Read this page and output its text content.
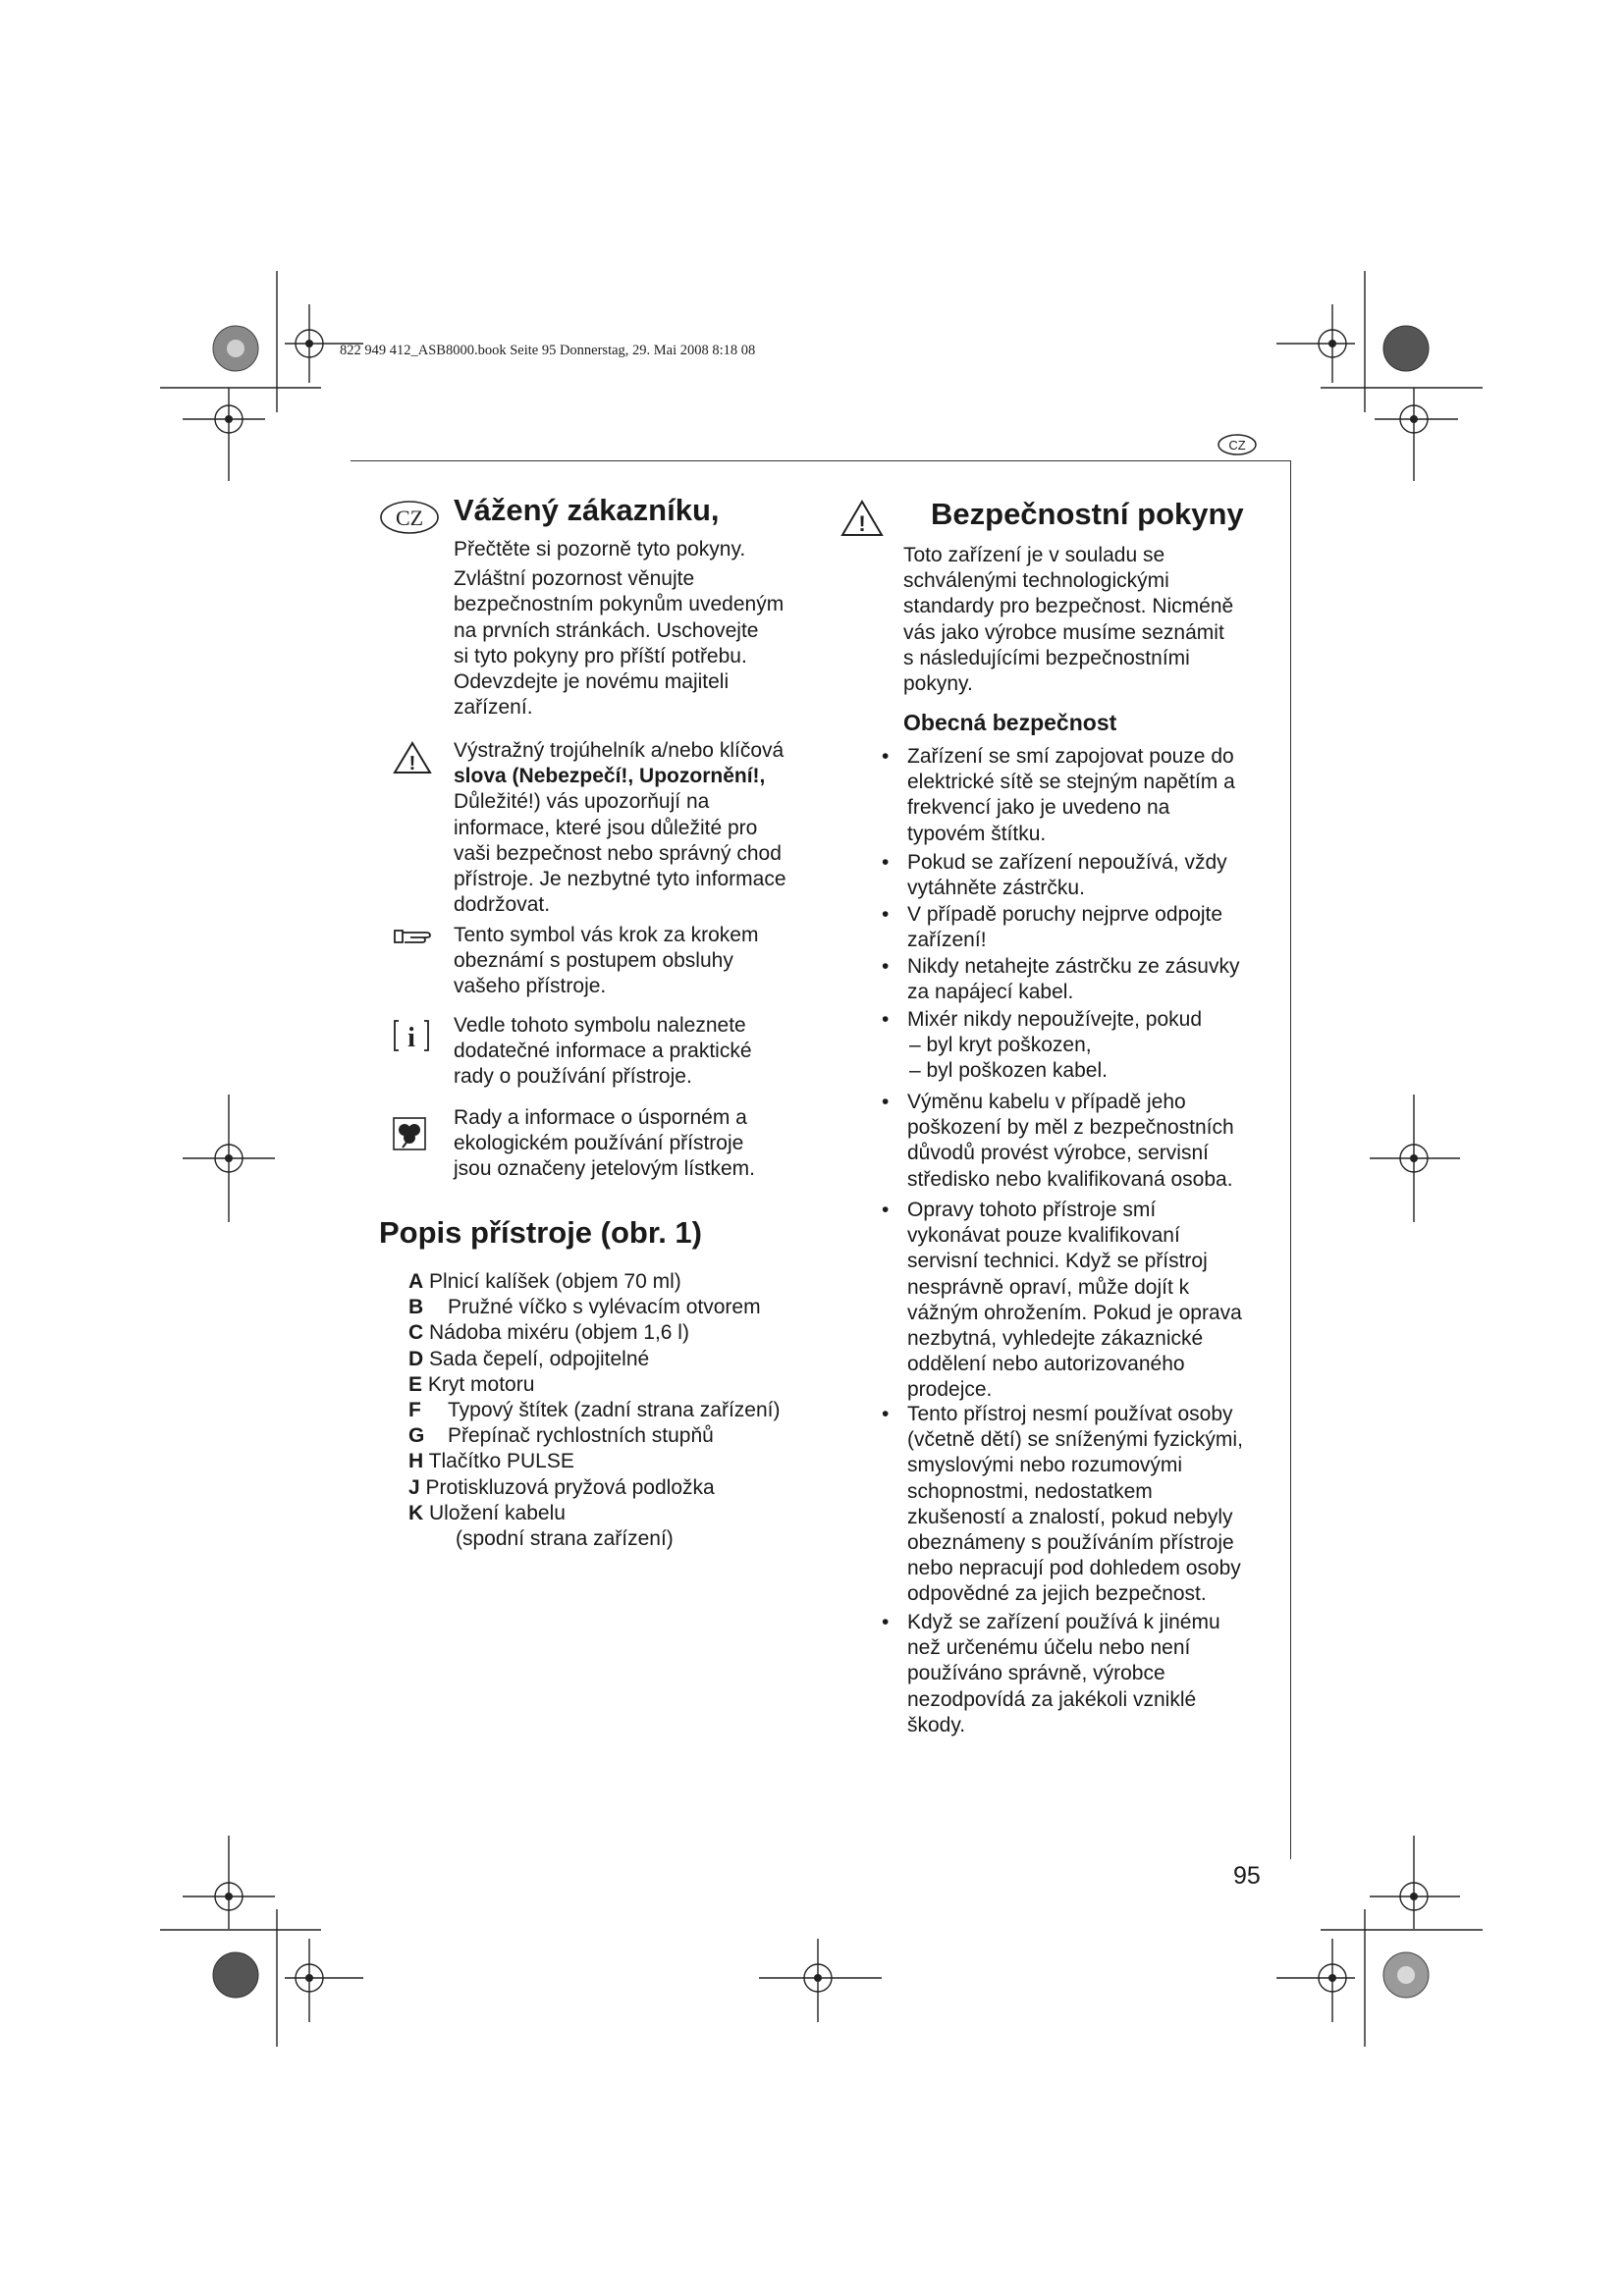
822 949 412_ASB8000.book Seite 95 Donnerstag, 29. Mai 2008 8:18 08
CZ
CZ Vážený zákazníku,

Přečtěte si pozorně tyto pokyny.

Zvláštní pozornost věnujte

bezpečnostním pokynům uvedeným

na prvních stránkách. Uschovejte

si tyto pokyny pro příští potřebu.

Odevzdejte je novému majiteli

zařízení.

!
Výstražný trojúhelník a/nebo klíčová
slova (Nebezpečí!, Upozornění!,
Důležité!) vás upozorňují na
informace, které jsou důležité pro
vaši bezpečnost nebo správný chod
přístroje. Je nezbytné tyto informace
dodržovat.
Tento symbol vás krok za krokem
obeznámí s postupem obsluhy
vašeho přístroje.
i Vedle tohoto symbolu naleznete
dodatečné informace a praktické
rady o používání přístroje.
Rady a informace o úsporném a
ekologickém používání přístroje
jsou označeny jetelovým lístkem.
Popis přístroje (obr. 1)
A Plnicí kalíšek (objem 70 ml)
B Pružné víčko s vylévacím otvorem
C Nádoba mixéru (objem 1,6 l)
D Sada čepelí, odpojitelné
E Kryt motoru
F Typový štítek (zadní strana zařízení)
G Přepínač rychlostních stupňů
H Tlačítko PULSE
J Protiskluzová pryžová podložka
K Uložení kabelu
(spodní strana zařízení)
! Bezpečnostní pokyny

Toto zařízení je v souladu se

schválenými technologickými

standardy pro bezpečnost. Nicméně

vás jako výrobce musíme seznámit

s následujícími bezpečnostními

pokyny.

Obecná bezpečnost
• Zařízení se smí zapojovat pouze do
elektrické sítě se stejným napětím a
frekvencí jako je uvedeno na
typovém štítku.
• Pokud se zařízení nepoužívá, vždy
vytáhněte zástrčku.
• V případě poruchy nejprve odpojte
zařízení!
• Nikdy netahejte zástrčku ze zásuvky
za napájecí kabel.
• Mixér nikdy nepoužívejte, pokud
– byl kryt poškozen,
– byl poškozen kabel.
• Výměnu kabelu v případě jeho
poškození by měl z bezpečnostních
důvodů provést výrobce, servisní
středisko nebo kvalifikovaná osoba.
• Opravy tohoto přístroje smí
vykonávat pouze kvalifikovaní
servisní technici. Když se přístroj
nesprávně opraví, může dojít k
vážným ohrožením. Pokud je oprava
nezbytná, vyhledejte zákaznické
oddělení nebo autorizovaného
prodejce.
• Tento přístroj nesmí používat osoby
(včetně dětí) se sníženými fyzickými,
smyslovými nebo rozumovými
schopnostmi, nedostatkem
zkušeností a znalostí, pokud nebyly
obeznámeny s používáním přístroje
nebo nepracují pod dohledem osoby
odpovědné za jejich bezpečnost.
• Když se zařízení používá k jinému
než určenému účelu nebo není
používáno správně, výrobce
nezodpovídá za jakékoli vzniklé
škody.
95
